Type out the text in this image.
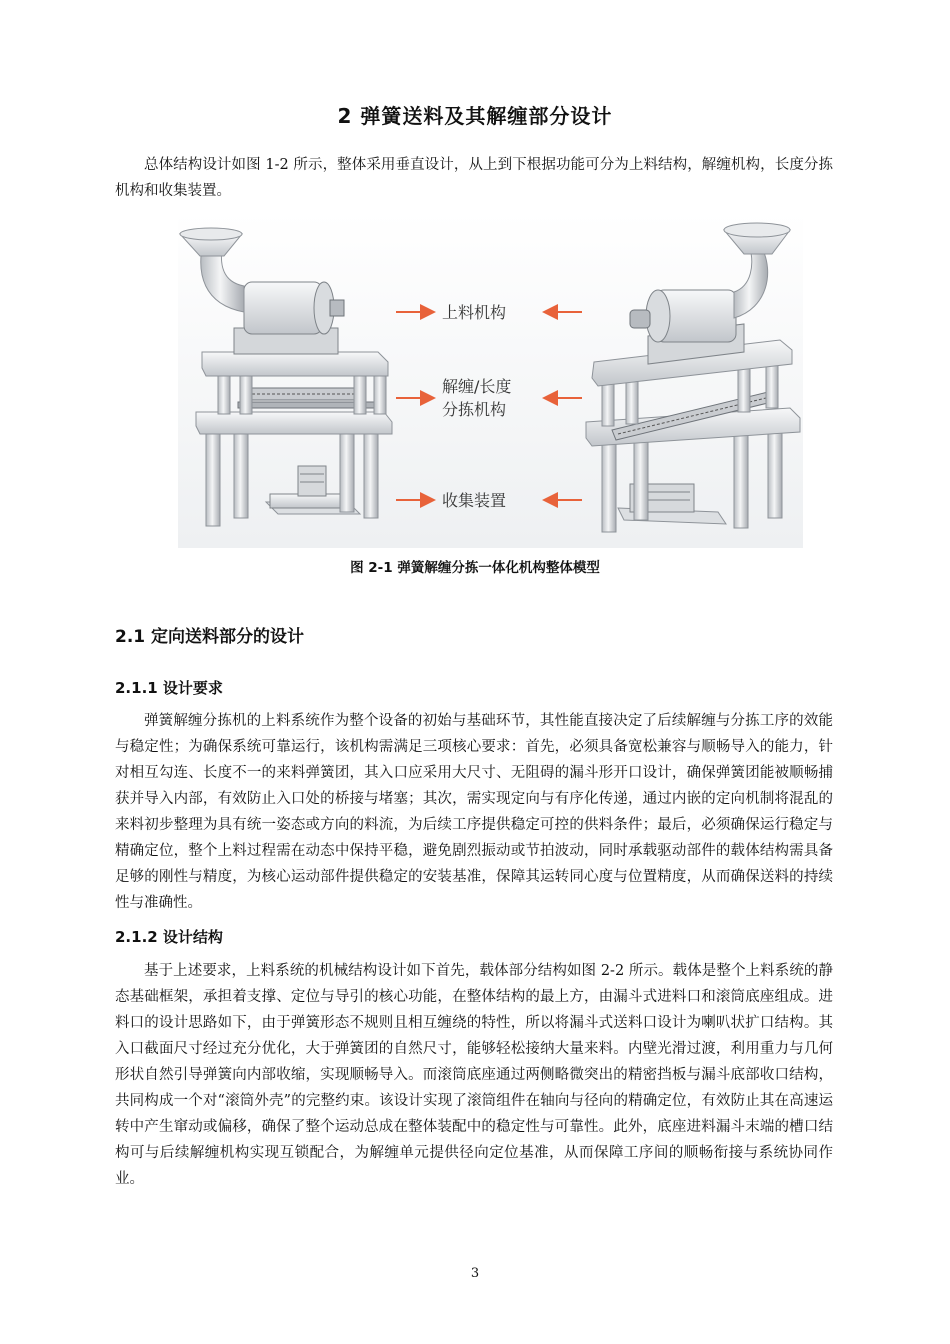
2 弹簧送料及其解缠部分设计

总体结构设计如图 1-2 所示，整体采用垂直设计，从上到下根据功能可分为上料结构，解缠机构，长度分拣机构和收集装置。

上料机构
解缠/长度
分拣机构
收集装置
图 2-1 弹簧解缠分拣一体化机构整体模型
2.1 定向送料部分的设计
2.1.1 设计要求

弹簧解缠分拣机的上料系统作为整个设备的初始与基础环节，其性能直接决定了后续解缠与分拣工序的效能与稳定性；为确保系统可靠运行，该机构需满足三项核心要求：首先，必须具备宽松兼容与顺畅导入的能力，针对相互勾连、长度不一的来料弹簧团，其入口应采用大尺寸、无阻碍的漏斗形开口设计，确保弹簧团能被顺畅捕获并导入内部，有效防止入口处的桥接与堵塞；其次，需实现定向与有序化传递，通过内嵌的定向机制将混乱的来料初步整理为具有统一姿态或方向的料流，为后续工序提供稳定可控的供料条件；最后，必须确保运行稳定与精确定位，整个上料过程需在动态中保持平稳，避免剧烈振动或节拍波动，同时承载驱动部件的载体结构需具备足够的刚性与精度，为核心运动部件提供稳定的安装基准，保障其运转同心度与位置精度，从而确保送料的持续性与准确性。

2.1.2 设计结构

基于上述要求，上料系统的机械结构设计如下首先，载体部分结构如图 2-2 所示。载体是整个上料系统的静态基础框架，承担着支撑、定位与导引的核心功能，在整体结构的最上方，由漏斗式进料口和滚筒底座组成。进料口的设计思路如下，由于弹簧形态不规则且相互缠绕的特性，所以将漏斗式送料口设计为喇叭状扩口结构。其入口截面尺寸经过充分优化，大于弹簧团的自然尺寸，能够轻松接纳大量来料。内壁光滑过渡，利用重力与几何形状自然引导弹簧向内部收缩，实现顺畅导入。而滚筒底座通过两侧略微突出的精密挡板与漏斗底部收口结构，共同构成一个对“滚筒外壳”的完整约束。该设计实现了滚筒组件在轴向与径向的精确定位，有效防止其在高速运转中产生窜动或偏移，确保了整个运动总成在整体装配中的稳定性与可靠性。此外，底座进料漏斗末端的槽口结构可与后续解缠机构实现互锁配合，为解缠单元提供径向定位基准，从而保障工序间的顺畅衔接与系统协同作业。

3
